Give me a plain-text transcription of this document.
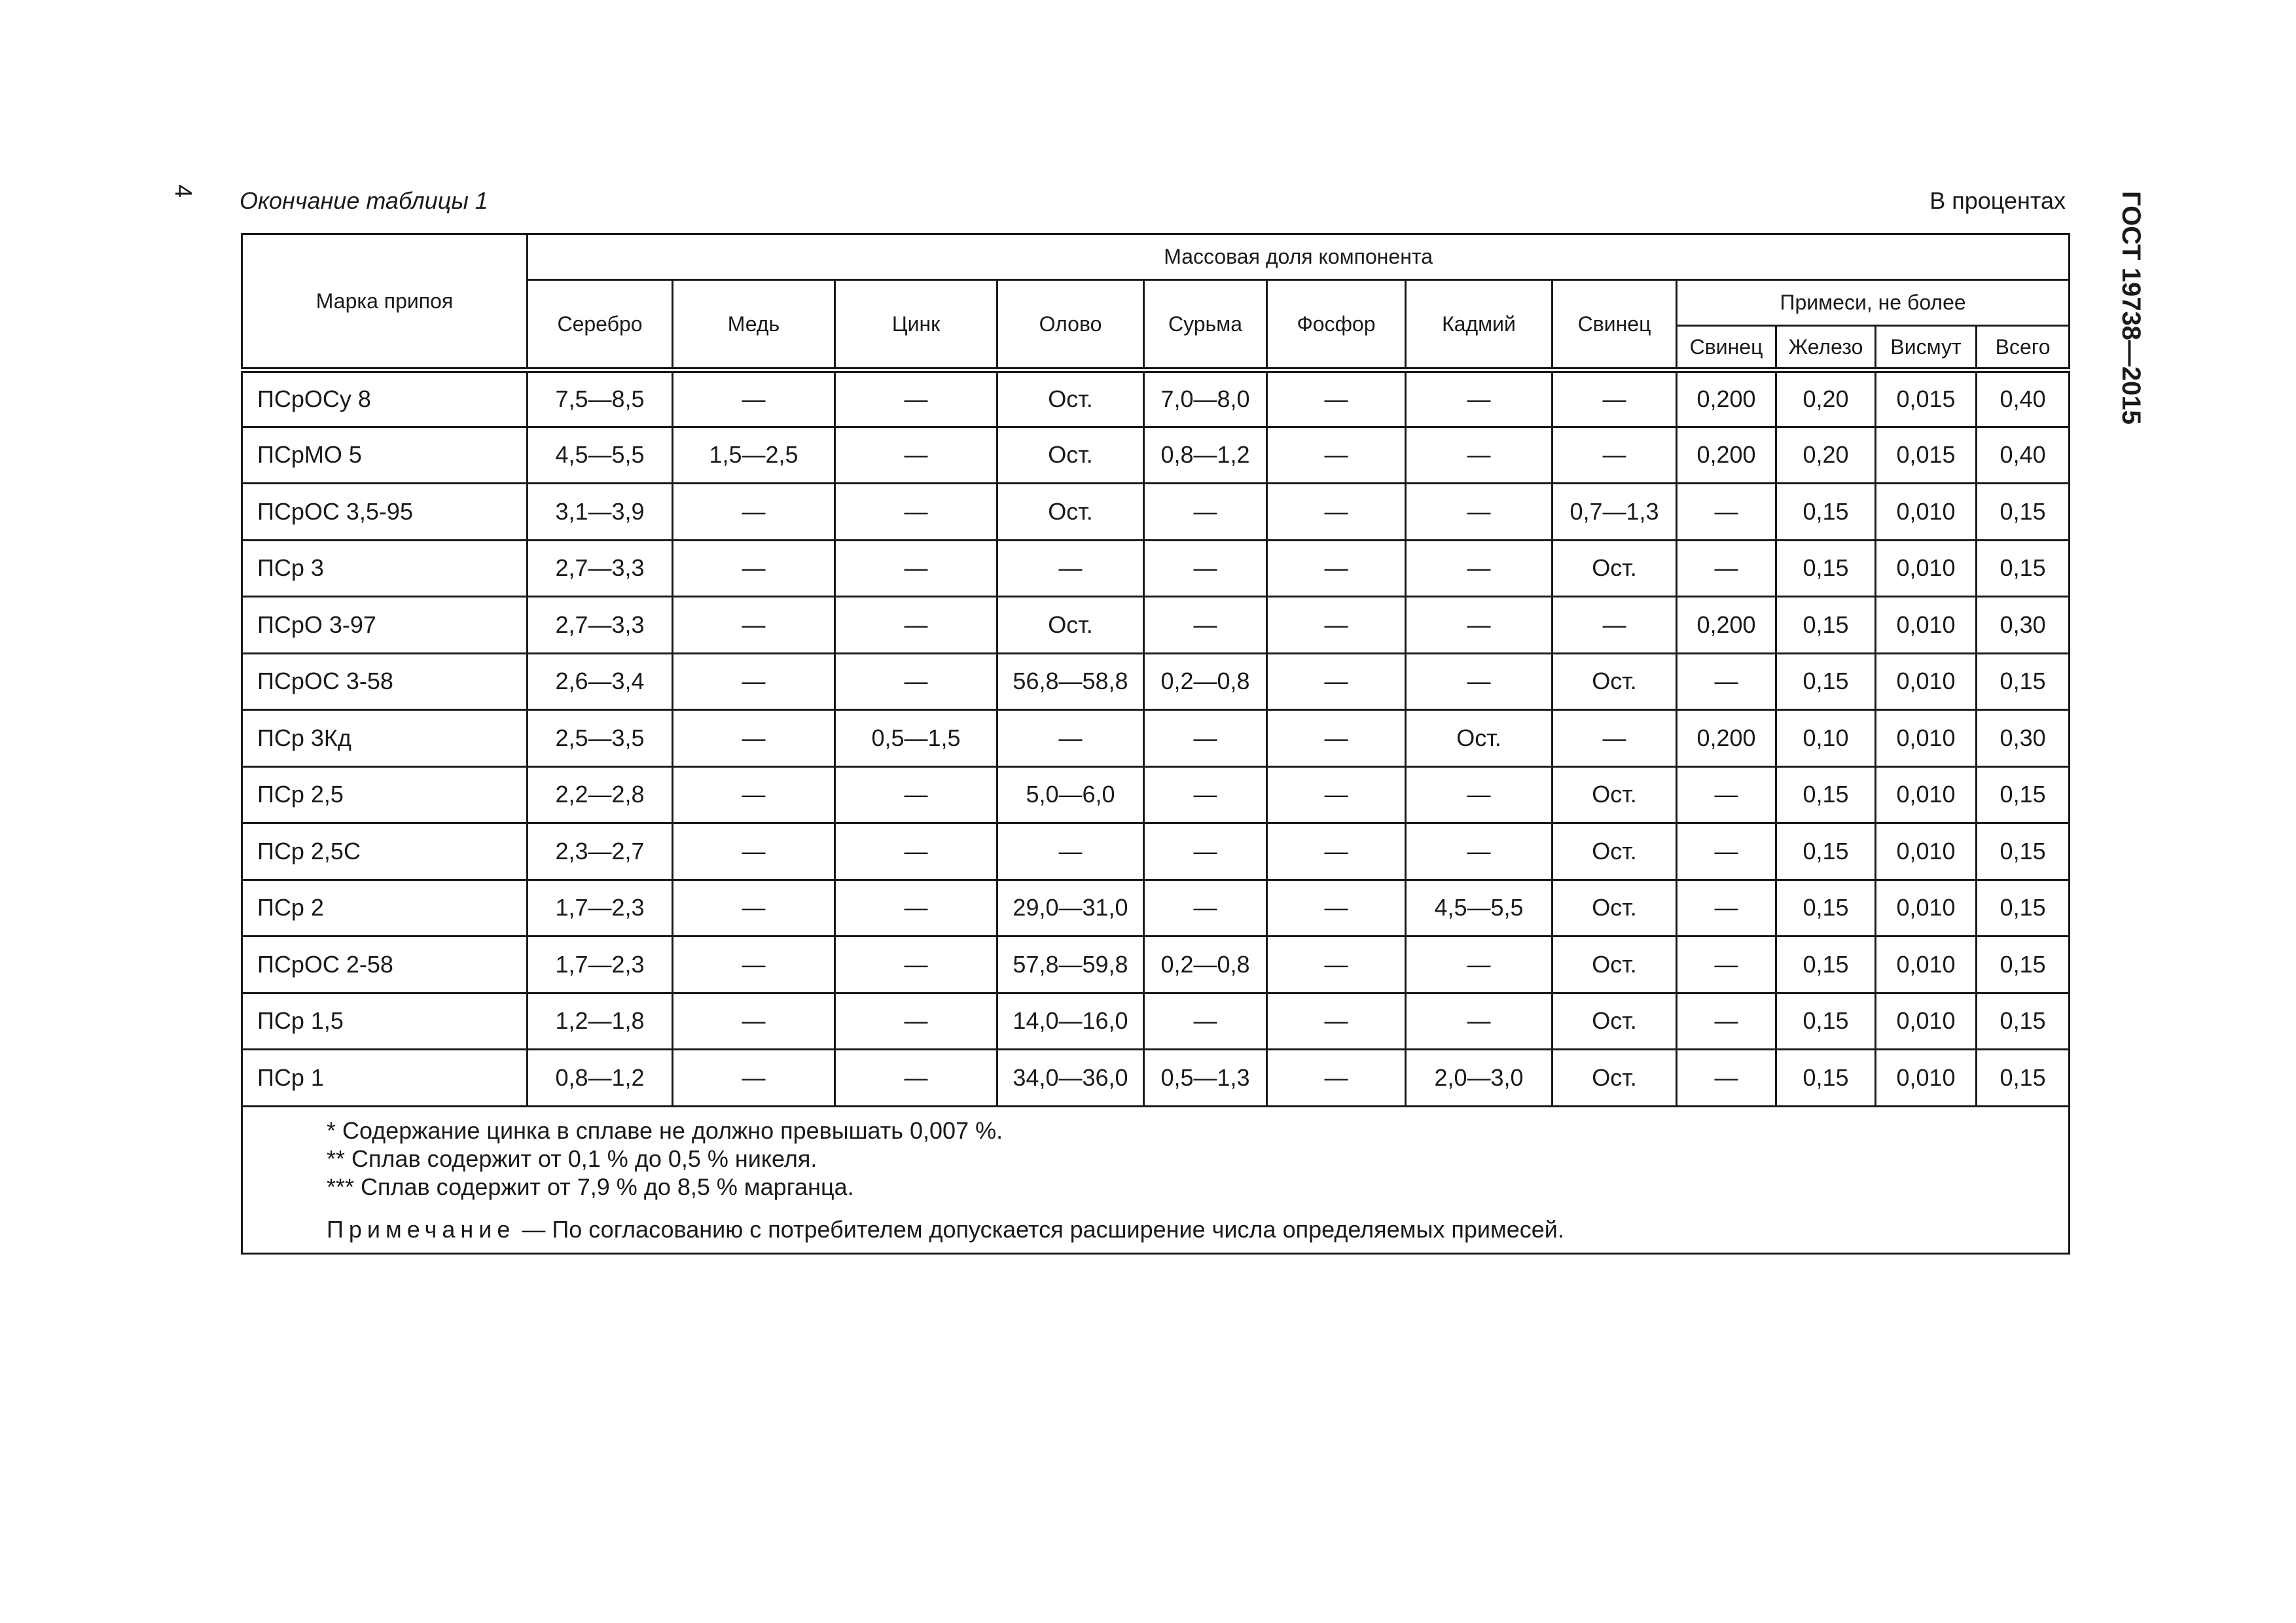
4 Окончание таблицы 1	В процентах ГОСТ 19738—2015
Марка припоя	Массовая доля компонента											
	Серебро	Медь	Цинк	Олово	Сурьма	Фосфор	Кадмий	Свинец	Примеси, не более			
									Свинец	Железо	Висмут	Всего
ПСрОСу 8	7,5—8,5	—	—	Ост.	7,0—8,0	—	—	—	0,200	0,20	0,015	0,40
ПСрМО 5	4,5—5,5	1,5—2,5	—	Ост.	0,8—1,2	—	—	—	0,200	0,20	0,015	0,40
ПСрОС 3,5-95	3,1—3,9	—	—	Ост.	—	—	—	0,7—1,3	—	0,15	0,010	0,15
ПСр 3	2,7—3,3	—	—	—	—	—	—	Ост.	—	0,15	0,010	0,15
ПСрО 3-97	2,7—3,3	—	—	Ост.	—	—	—	—	0,200	0,15	0,010	0,30
ПСрОС 3-58	2,6—3,4	—	—	56,8—58,8	0,2—0,8	—	—	Ост.	—	0,15	0,010	0,15
ПСр 3Кд	2,5—3,5	—	0,5—1,5	—	—	—	Ост.	—	0,200	0,10	0,010	0,30
ПСр 2,5	2,2—2,8	—	—	5,0—6,0	—	—	—	Ост.	—	0,15	0,010	0,15
ПСр 2,5С	2,3—2,7	—	—	—	—	—	—	Ост.	—	0,15	0,010	0,15
ПСр 2	1,7—2,3	—	—	29,0—31,0	—	—	4,5—5,5	Ост.	—	0,15	0,010	0,15
ПСрОС 2-58	1,7—2,3	—	—	57,8—59,8	0,2—0,8	—	—	Ост.	—	0,15	0,010	0,15
ПСр 1,5	1,2—1,8	—	—	14,0—16,0	—	—	—	Ост.	—	0,15	0,010	0,15
ПСр 1	0,8—1,2	—	—	34,0—36,0	0,5—1,3	—	2,0—3,0	Ост.	—	0,15	0,010	0,15

* Содержание цинка в сплаве не должно превышать 0,007 %.
** Сплав содержит от 0,1 % до 0,5 % никеля.
*** Сплав содержит от 7,9 % до 8,5 % марганца.
Примечание — По согласованию с потребителем допускается расширение числа определяемых примесей.												
